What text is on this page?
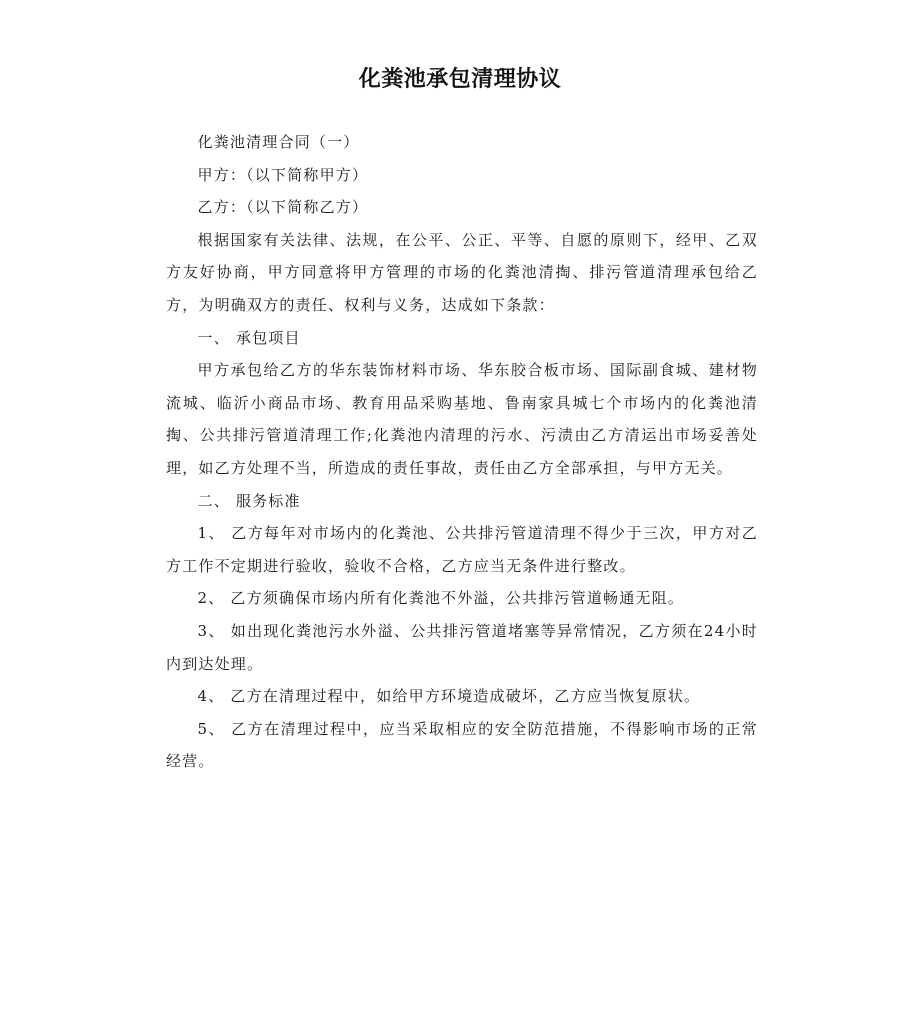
化粪池承包清理协议

化粪池清理合同（一）

甲方：（以下简称甲方）

乙方：（以下简称乙方）

根据国家有关法律、法规，在公平、公正、平等、自愿的原则下，经甲、乙双方友好协商，甲方同意将甲方管理的市场的化粪池清掏、排污管道清理承包给乙方，为明确双方的责任、权利与义务，达成如下条款：

一、 承包项目

甲方承包给乙方的华东装饰材料市场、华东胶合板市场、国际副食城、建材物流城、临沂小商品市场、教育用品采购基地、鲁南家具城七个市场内的化粪池清掏、公共排污管道清理工作;化粪池内清理的污水、污渍由乙方清运出市场妥善处理，如乙方处理不当，所造成的责任事故，责任由乙方全部承担，与甲方无关。

二、 服务标准

1、 乙方每年对市场内的化粪池、公共排污管道清理不得少于三次，甲方对乙方工作不定期进行验收，验收不合格，乙方应当无条件进行整改。

2、 乙方须确保市场内所有化粪池不外溢，公共排污管道畅通无阻。

3、 如出现化粪池污水外溢、公共排污管道堵塞等异常情况，乙方须在24小时内到达处理。

4、 乙方在清理过程中，如给甲方环境造成破坏，乙方应当恢复原状。

5、 乙方在清理过程中，应当采取相应的安全防范措施，不得影响市场的正常经营。
